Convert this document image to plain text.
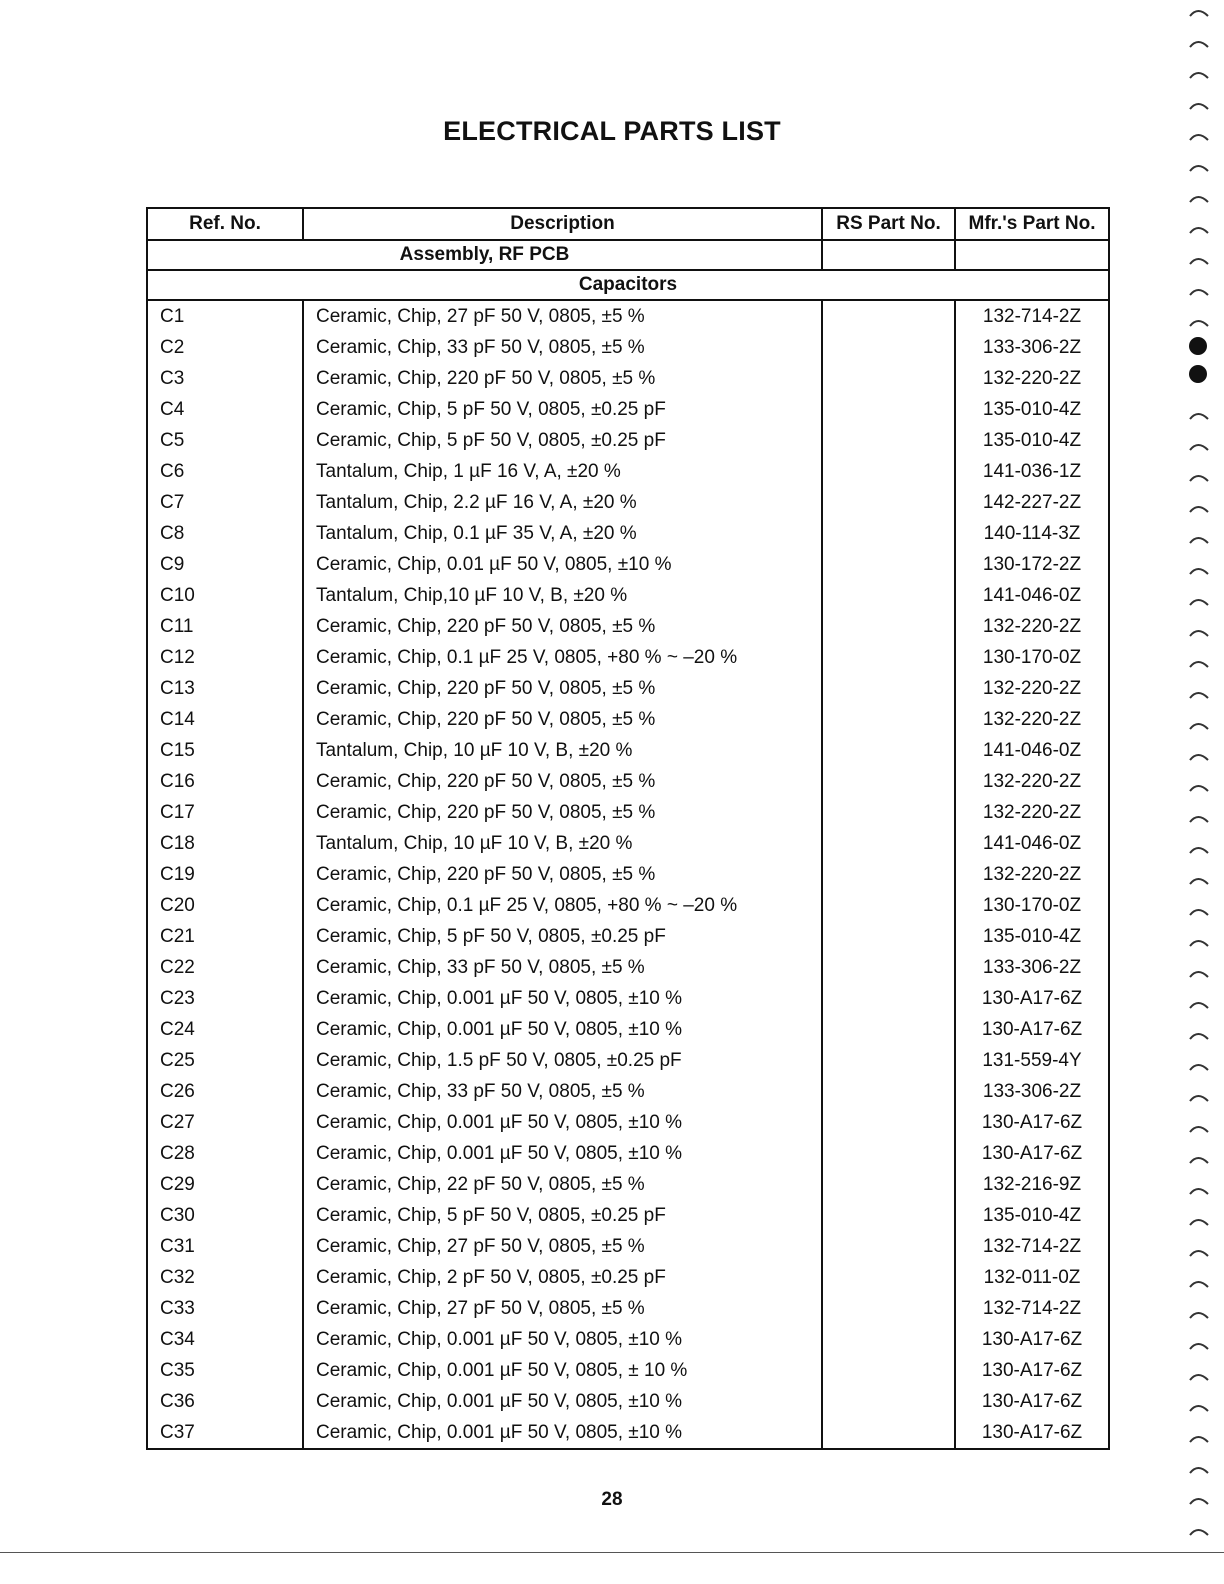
ELECTRICAL PARTS LIST
Ref. No.	Description	RS Part No.	Mfr.'s Part No.
Assembly, RF PCB			
Capacitors			
C1	Ceramic, Chip, 27 pF 50 V, 0805, ±5 %		132-714-2Z
C2	Ceramic, Chip, 33 pF 50 V, 0805, ±5 %		133-306-2Z
C3	Ceramic, Chip, 220 pF 50 V, 0805, ±5 %		132-220-2Z
C4	Ceramic, Chip, 5 pF 50 V, 0805, ±0.25 pF		135-010-4Z
C5	Ceramic, Chip, 5 pF 50 V, 0805, ±0.25 pF		135-010-4Z
C6	Tantalum, Chip, 1 µF 16 V, A, ±20 %		141-036-1Z
C7	Tantalum, Chip, 2.2 µF 16 V, A, ±20 %		142-227-2Z
C8	Tantalum, Chip, 0.1 µF 35 V, A, ±20 %		140-114-3Z
C9	Ceramic, Chip, 0.01 µF 50 V, 0805, ±10 %		130-172-2Z
C10	Tantalum, Chip,10 µF 10 V, B, ±20 %		141-046-0Z
C11	Ceramic, Chip, 220 pF 50 V, 0805, ±5 %		132-220-2Z
C12	Ceramic, Chip, 0.1 µF 25 V, 0805, +80 % ~ –20 %		130-170-0Z
C13	Ceramic, Chip, 220 pF 50 V, 0805, ±5 %		132-220-2Z
C14	Ceramic, Chip, 220 pF 50 V, 0805, ±5 %		132-220-2Z
C15	Tantalum, Chip, 10 µF 10 V, B, ±20 %		141-046-0Z
C16	Ceramic, Chip, 220 pF 50 V, 0805, ±5 %		132-220-2Z
C17	Ceramic, Chip, 220 pF 50 V, 0805, ±5 %		132-220-2Z
C18	Tantalum, Chip, 10 µF 10 V, B, ±20 %		141-046-0Z
C19	Ceramic, Chip, 220 pF 50 V, 0805, ±5 %		132-220-2Z
C20	Ceramic, Chip, 0.1 µF 25 V, 0805, +80 % ~ –20 %		130-170-0Z
C21	Ceramic, Chip, 5 pF 50 V, 0805, ±0.25 pF		135-010-4Z
C22	Ceramic, Chip, 33 pF 50 V, 0805, ±5 %		133-306-2Z
C23	Ceramic, Chip, 0.001 µF 50 V, 0805, ±10 %		130-A17-6Z
C24	Ceramic, Chip, 0.001 µF 50 V, 0805, ±10 %		130-A17-6Z
C25	Ceramic, Chip, 1.5 pF 50 V, 0805, ±0.25 pF		131-559-4Y
C26	Ceramic, Chip, 33 pF 50 V, 0805, ±5 %		133-306-2Z
C27	Ceramic, Chip, 0.001 µF 50 V, 0805, ±10 %		130-A17-6Z
C28	Ceramic, Chip, 0.001 µF 50 V, 0805, ±10 %		130-A17-6Z
C29	Ceramic, Chip, 22 pF 50 V, 0805, ±5 %		132-216-9Z
C30	Ceramic, Chip, 5 pF 50 V, 0805, ±0.25 pF		135-010-4Z
C31	Ceramic, Chip, 27 pF 50 V, 0805, ±5 %		132-714-2Z
C32	Ceramic, Chip, 2 pF 50 V, 0805, ±0.25 pF		132-011-0Z
C33	Ceramic, Chip, 27 pF 50 V, 0805, ±5 %		132-714-2Z
C34	Ceramic, Chip, 0.001 µF 50 V, 0805, ±10 %		130-A17-6Z
C35	Ceramic, Chip, 0.001 µF 50 V, 0805, ± 10 %		130-A17-6Z
C36	Ceramic, Chip, 0.001 µF 50 V, 0805, ±10 %		130-A17-6Z
C37	Ceramic, Chip, 0.001 µF 50 V, 0805, ±10 %		130-A17-6Z
28
